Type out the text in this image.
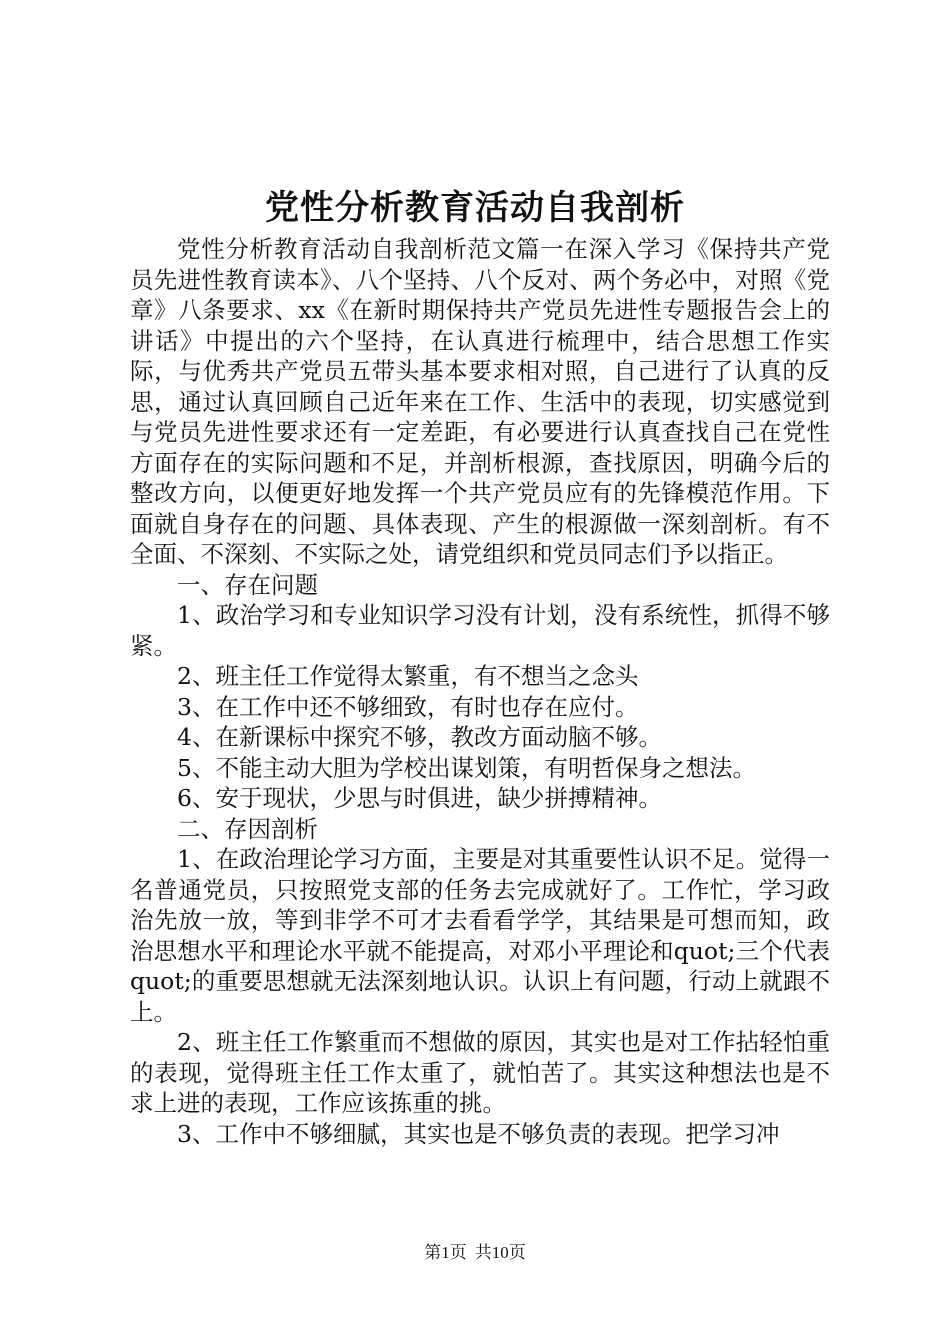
党性分析教育活动自我剖析

党性分析教育活动自我剖析范文篇一在深入学习《保持共产党员先进性教育读本》、八个坚持、八个反对、两个务必中，对照《党章》八条要求、xx《在新时期保持共产党员先进性专题报告会上的讲话》中提出的六个坚持，在认真进行梳理中，结合思想工作实际，与优秀共产党员五带头基本要求相对照，自己进行了认真的反思，通过认真回顾自己近年来在工作、生活中的表现，切实感觉到与党员先进性要求还有一定差距，有必要进行认真查找自己在党性方面存在的实际问题和不足，并剖析根源，查找原因，明确今后的整改方向，以便更好地发挥一个共产党员应有的先锋模范作用。下面就自身存在的问题、具体表现、产生的根源做一深刻剖析。有不全面、不深刻、不实际之处，请党组织和党员同志们予以指正。

一、存在问题

1、政治学习和专业知识学习没有计划，没有系统性，抓得不够紧。

2、班主任工作觉得太繁重，有不想当之念头

3、在工作中还不够细致，有时也存在应付。

4、在新课标中探究不够，教改方面动脑不够。

5、不能主动大胆为学校出谋划策，有明哲保身之想法。

6、安于现状，少思与时俱进，缺少拼搏精神。

二、存因剖析

1、在政治理论学习方面，主要是对其重要性认识不足。觉得一名普通党员，只按照党支部的任务去完成就好了。工作忙，学习政治先放一放，等到非学不可才去看看学学，其结果是可想而知，政治思想水平和理论水平就不能提高，对邓小平理论和quot;三个代表quot;的重要思想就无法深刻地认识。认识上有问题，行动上就跟不上。

2、班主任工作繁重而不想做的原因，其实也是对工作拈轻怕重的表现，觉得班主任工作太重了，就怕苦了。其实这种想法也是不求上进的表现，工作应该拣重的挑。

3、工作中不够细腻，其实也是不够负责的表现。把学习冲

第1页 共10页
